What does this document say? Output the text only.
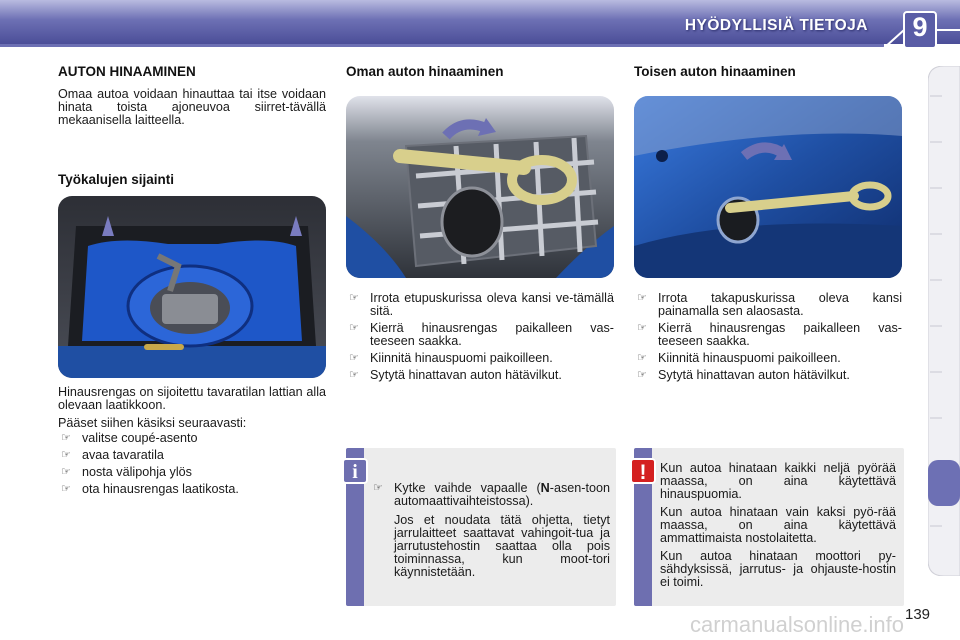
HYÖDYLLISIÄ TIETOJA	9
AUTON HINAAMINEN

Omaa autoa voidaan hinauttaa tai itse voidaan hinata toista ajoneuvoa siirret-tävällä mekaanisella laitteella.

Työkalujen sijainti

Hinausrengas on sijoitettu tavaratilan lattian alla olevaan laatikkoon.

Pääset siihen käsiksi seuraavasti:

☞ valitse coupé-asento
☞ avaa tavaratila
☞ nosta välipohja ylös
☞ ota hinausrengas laatikosta.
Oman auton hinaaminen
☞ Irrota etupuskurissa oleva kansi ve-tämällä sitä.
☞ Kierrä hinausrengas paikalleen vas-teeseen saakka.
☞ Kiinnitä hinauspuomi paikoilleen.
☞ Sytytä hinattavan auton hätävilkut.
i
☞ Kytke vaihde vapaalle (N-asen-toon automaattivaihteistossa).

Jos et noudata tätä ohjetta, tietyt jarrulaitteet saattavat vahingoit-tua ja jarrutustehostin saattaa olla pois toiminnassa, kun moot-tori käynnistetään.

Toisen auton hinaaminen
☞ Irrota takapuskurissa oleva kansi painamalla sen alaosasta.
☞ Kierrä hinausrengas paikalleen vas-teeseen saakka.
☞ Kiinnitä hinauspuomi paikoilleen.
☞ Sytytä hinattavan auton hätävilkut.
! Kun autoa hinataan kaikki neljä pyörää maassa, on aina käytettävä hinauspuomia.

Kun autoa hinataan vain kaksi pyö-rää maassa, on aina käytettävä ammattimaista nostolaitetta.

Kun autoa hinataan moottori py-sähdyksissä, jarrutus- ja ohjauste-hostin ei toimi.

139
carmanualsonline.info
